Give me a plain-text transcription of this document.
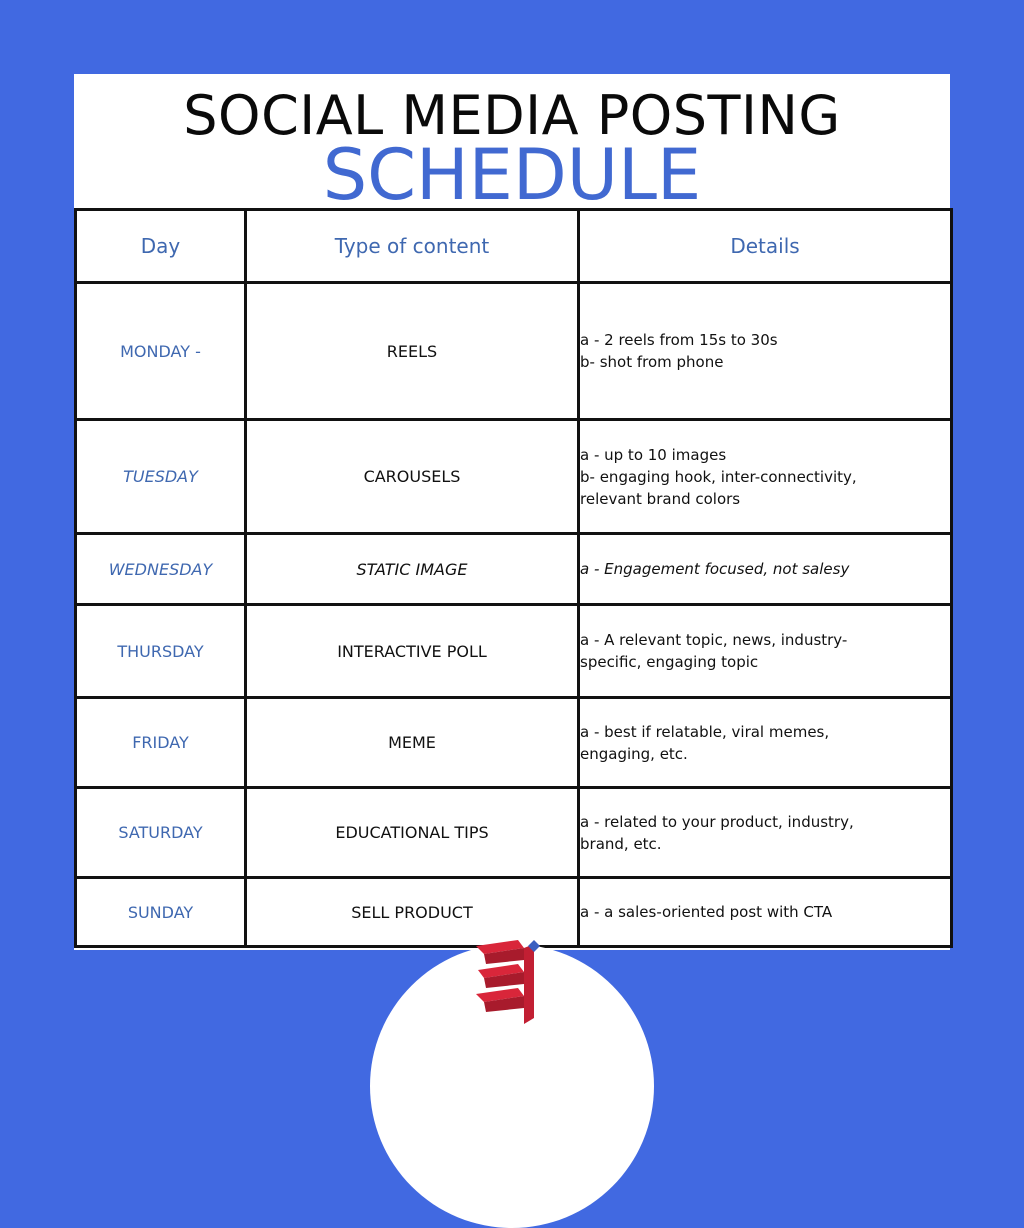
SOCIAL MEDIA POSTING
SCHEDULE
Day	Type of content	Details
MONDAY -	REELS	a - 2 reels from 15s to 30s
b- shot from phone

TUESDAY	CAROUSELS	a - up to 10 images
b- engaging hook, inter-connectivity,
relevant brand colors

WEDNESDAY	STATIC IMAGE	a - Engagement focused, not salesy

THURSDAY	INTERACTIVE POLL	a - A relevant topic, news, industry-
specific, engaging topic

FRIDAY	MEME	a - best if relatable, viral memes,
engaging, etc.

SATURDAY	EDUCATIONAL TIPS	a - related to your product, industry,
brand, etc.

SUNDAY	SELL PRODUCT	a - a sales-oriented post with CTA
